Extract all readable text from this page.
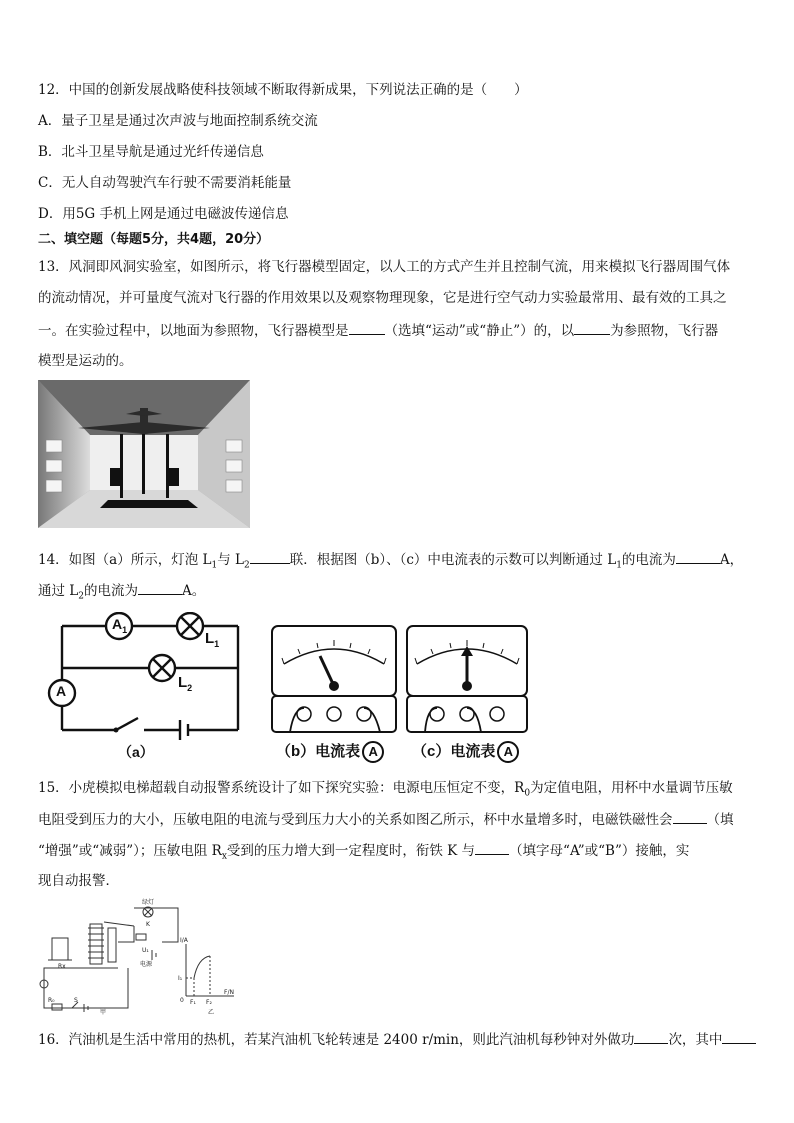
12．中国的创新发展战略使科技领域不断取得新成果，下列说法正确的是（　　）
A．量子卫星是通过次声波与地面控制系统交流
B．北斗卫星导航是通过光纤传递信息
C．无人自动驾驶汽车行驶不需要消耗能量
D．用5G 手机上网是通过电磁波传递信息
二、填空题（每题5分，共4题，20分）
13．风洞即风洞实验室，如图所示，将飞行器模型固定，以人工的方式产生并且控制气流，用来模拟飞行器周围气体
的流动情况，并可量度气流对飞行器的作用效果以及观察物理现象，它是进行空气动力实验最常用、最有效的工具之
一。在实验过程中，以地面为参照物，飞行器模型是	（选填“运动”或“静止”）的，以	为参照物，飞行器
模型是运动的。
14．如图（a）所示，灯泡 $L_1$与 $L_2$	联．根据图（b）、（c）中电流表的示数可以判断通过 $L_1$的电流为	A，
通过 $L_2$的电流为	A。
$A_1$
A
$L_1$
$L_2$
（a）	（b）电流表 A	（c）电流表 A
15．小虎模拟电梯超载自动报警系统设计了如下探究实验：电源电压恒定不变，$R_0$为定值电阻，用杯中水量调节压敏
电阻受到压力的大小，压敏电阻的电流与受到压力大小的关系如图乙所示，杯中水量增多时，电磁铁磁性会	（填
“增强”或“减弱”）；压敏电阻 $R_x$受到的压力增大到一定程度时，衔铁 K 与	（填字母“A”或“B”）接触，实
现自动报警．
绿灯
K
Rx
R₀	S
U₁
电源
甲
I/A
F/N
I₁
F₁ F₂
0
乙
16．汽油机是生活中常用的热机，若某汽油机飞轮转速是 2400 r/min，则此汽油机每秒钟对外做功	次，其中
